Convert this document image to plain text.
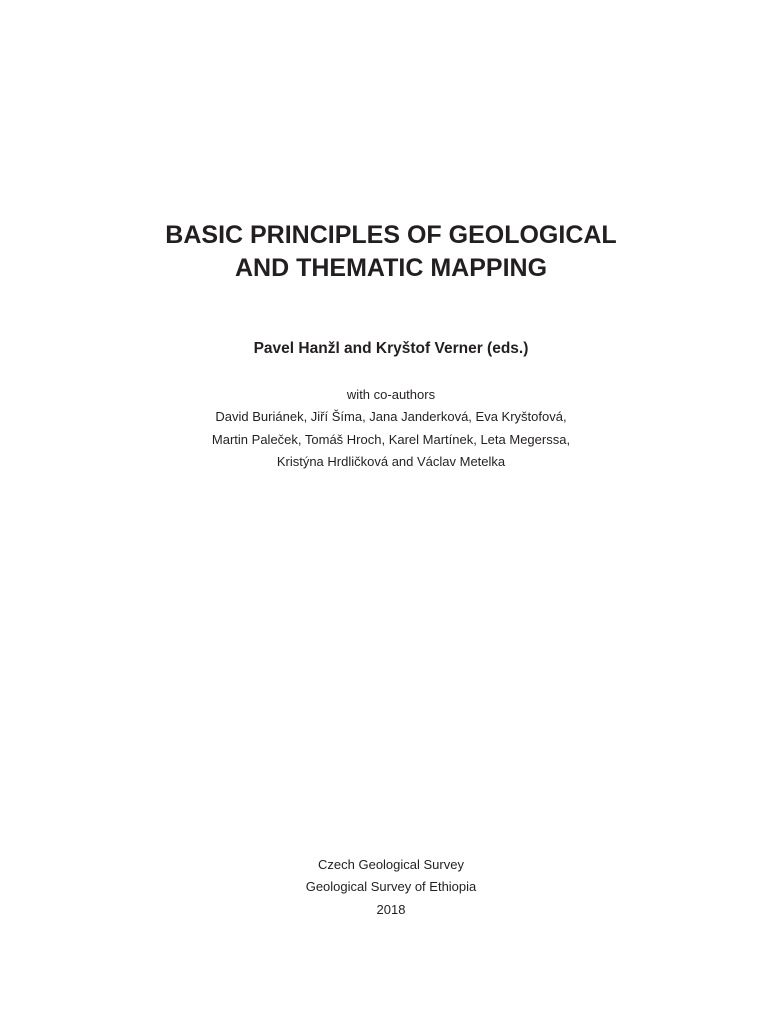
BASIC PRINCIPLES OF GEOLOGICAL
AND THEMATIC MAPPING
Pavel Hanžl and Kryštof Verner (eds.)
with co-authors
David Buriánek, Jiří Šíma, Jana Janderková, Eva Kryštofová,
Martin Paleček, Tomáš Hroch, Karel Martínek, Leta Megerssa,
Kristýna Hrdličková and Václav Metelka
Czech Geological Survey
Geological Survey of Ethiopia
2018
